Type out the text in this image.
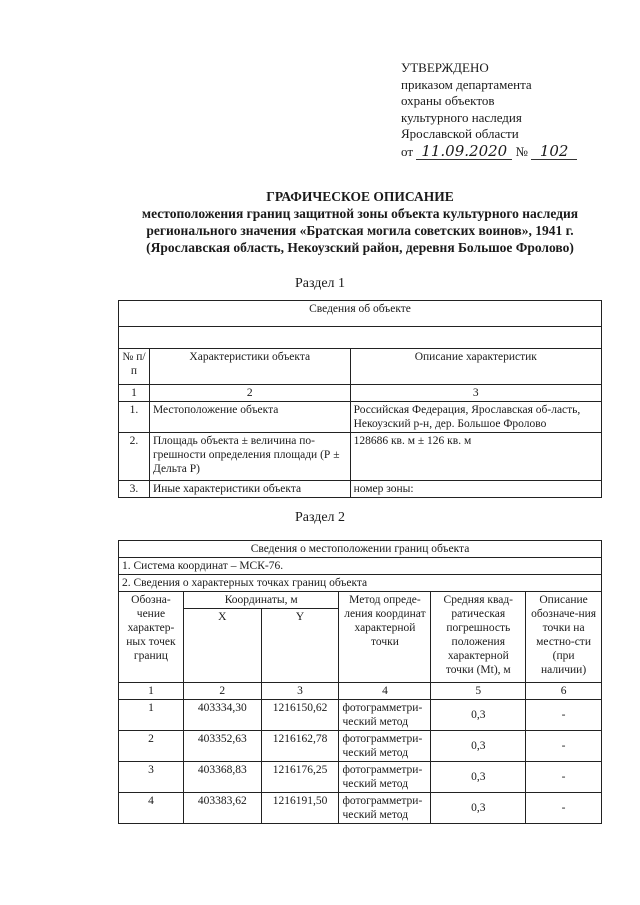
УТВЕРЖДЕНО
приказом департамента
охраны объектов
культурного наследия
Ярославской области
от 11.09.2020 № 102
ГРАФИЧЕСКОЕ ОПИСАНИЕ
местоположения границ защитной зоны объекта культурного наследия
регионального значения «Братская могила советских воинов», 1941 г.
(Ярославская область, Некоузский район, деревня Большое Фролово)
Раздел 1
Сведения об объекте		

№ п/п	Характеристики объекта	Описание характеристик
1	2	3
1.	Местоположение объекта	Российская Федерация, Ярославская об-ласть, Некоузский р-н, дер. Большое Фролово
2.	Площадь объекта ± величина по-грешности определения площади (Р ± Дельта Р)	128686 кв. м ± 126 кв. м
3.	Иные характеристики объекта	номер зоны:
Раздел 2
Сведения о местоположении границ объекта					
1. Система координат – МСК-76.					
2. Сведения о характерных точках границ объекта					
Обозна-чение характер-ных точек границ	Координаты, м		Метод опреде-ления координат характерной точки	Средняя квад-ратическая погрешность положения характерной точки (Mt), м	Описание обозначе-ния точки на местно-сти (при наличии)
	X	Y			
1	2	3	4	5	6
1	403334,30	1216150,62	фотограмметри-ческий метод	0,3	-
2	403352,63	1216162,78	фотограмметри-ческий метод	0,3	-
3	403368,83	1216176,25	фотограмметри-ческий метод	0,3	-
4	403383,62	1216191,50	фотограмметри-ческий метод	0,3	-
